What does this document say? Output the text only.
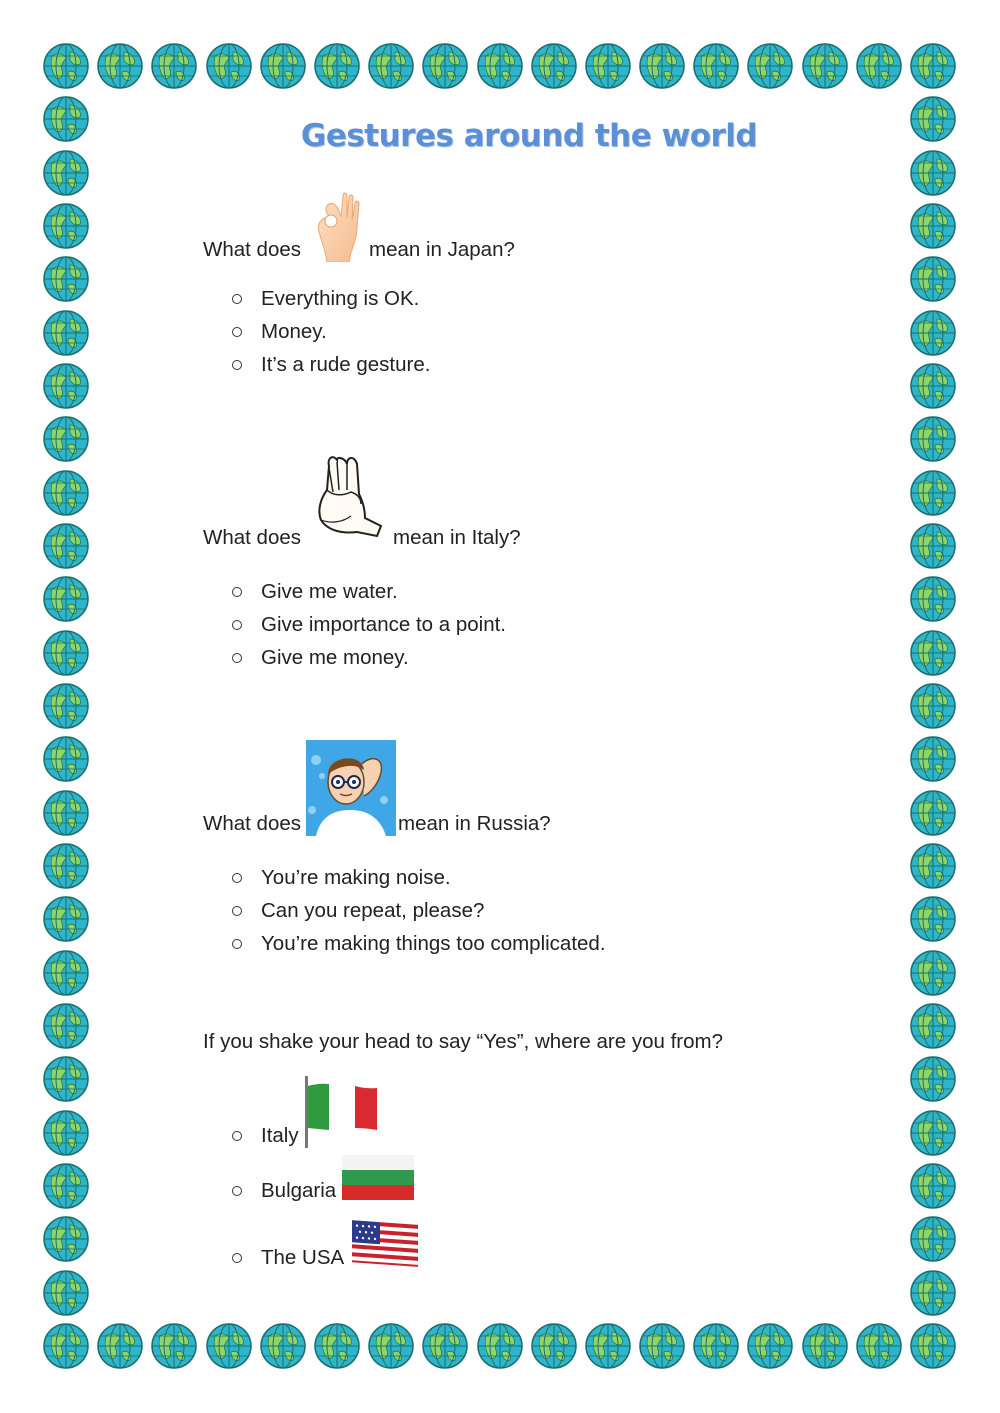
Gestures around the world
What does	mean in Japan?
Everything is OK.
Money.
It’s a rude gesture.
What does	mean in Italy?
Give me water.
Give importance to a point.
Give me money.
What does	mean in Russia?
You’re making noise.
Can you repeat, please?
You’re making things too complicated.
If you shake your head to say “Yes”, where are you from?
Italy
Bulgaria
The USA
